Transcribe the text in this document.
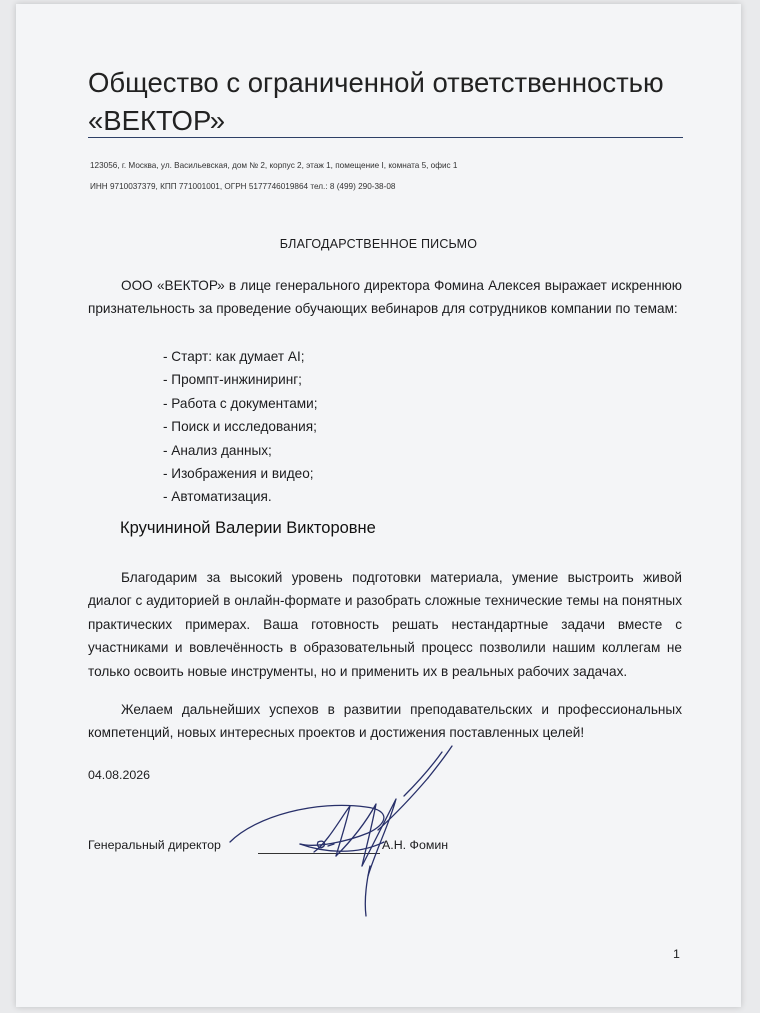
Общество с ограниченной ответственностью
«ВЕКТОР»
123056, г. Москва, ул. Васильевская, дом № 2, корпус 2, этаж 1, помещение I, комната 5, офис 1
ИНН 9710037379, КПП 771001001, ОГРН 5177746019864 тел.: 8 (499) 290-38-08
БЛАГОДАРСТВЕННОЕ ПИСЬМО

ООО «ВЕКТОР» в лице генерального директора Фомина Алексея выражает искреннюю признательность за проведение обучающих вебинаров для сотрудников компании по темам:

- Старт: как думает AI;
- Промпт-инжиниринг;
- Работа с документами;
- Поиск и исследования;
- Анализ данных;
- Изображения и видео;
- Автоматизация.
Кручининой Валерии Викторовне

Благодарим за высокий уровень подготовки материала, умение выстроить живой диалог с аудиторией в онлайн-формате и разобрать сложные технические темы на понятных практических примерах. Ваша готовность решать нестандартные задачи вместе с участниками и вовлечённость в образовательный процесс позволили нашим коллегам не только освоить новые инструменты, но и применить их в реальных рабочих задачах.

Желаем дальнейших успехов в развитии преподавательских и профессиональных компетенций, новых интересных проектов и достижения поставленных целей!

04.08.2026
Генеральный директор	А.Н. Фомин
1
